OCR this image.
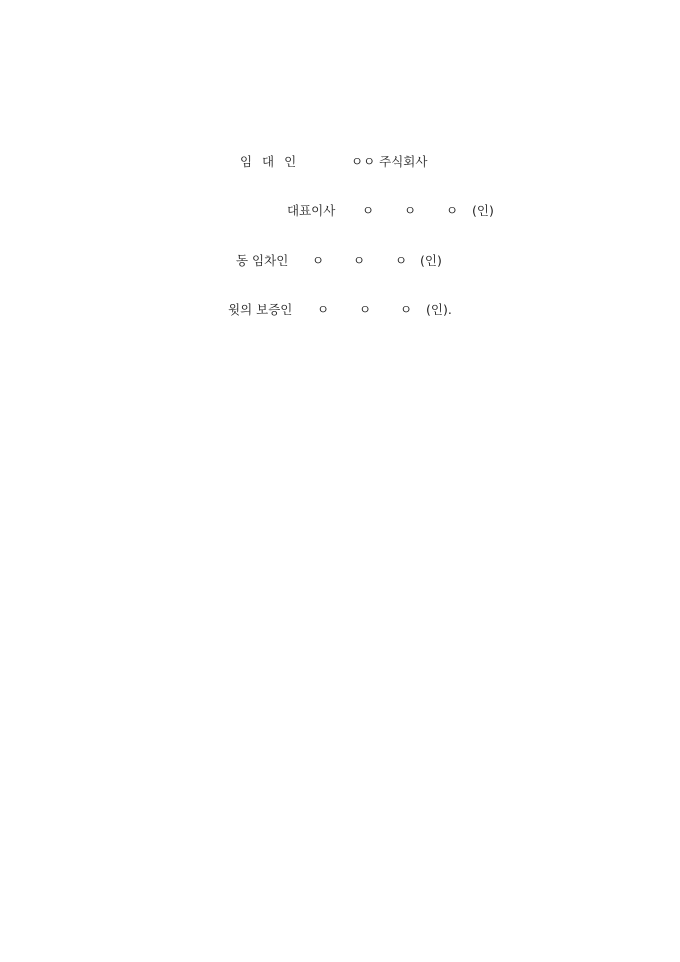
임 대 인	ㅇㅇ 주식회사
대표이사 ㅇ ㅇ ㅇ (인)
동 임차인 ㅇ ㅇ ㅇ (인)
윗의 보증인 ㅇ ㅇ ㅇ (인).
